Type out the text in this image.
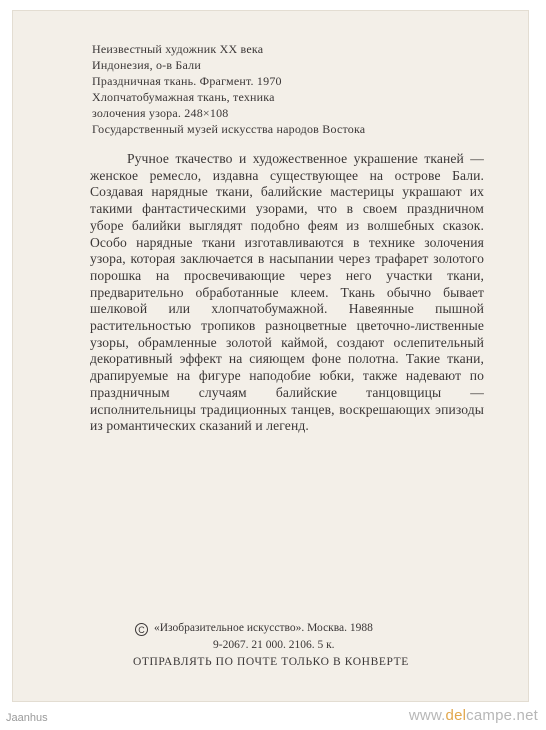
Неизвестный художник XX века
Индонезия, о-в Бали
Праздничная ткань. Фрагмент. 1970
Хлопчатобумажная ткань, техника
золочения узора. 248×108
Государственный музей искусства народов Востока
Ручное ткачество и художественное украшение тканей — женское ремесло, издавна существующее на острове Бали. Создавая нарядные ткани, балийские мастерицы украшают их такими фантастическими узорами, что в своем праздничном уборе балийки выглядят подобно феям из волшебных сказок. Особо нарядные ткани изготавливаются в технике золочения узора, которая заключается в насыпании через трафарет золотого порошка на просвечивающие через него участки ткани, предварительно обработанные клеем. Ткань обычно бывает шелковой или хлопчатобумажной. Навеянные пышной растительностью тропиков разноцветные цветочно-лиственные узоры, обрамленные золотой каймой, создают ослепительный декоративный эффект на сияющем фоне полотна. Такие ткани, драпируемые на фигуре наподобие юбки, также надевают по праздничным случаям балийские танцовщицы — исполнительницы традиционных танцев, воскрешающих эпизоды из романтических сказаний и легенд.
C «Изобразительное искусство». Москва. 1988
9-2067. 21 000. 2106. 5 к.
ОТПРАВЛЯТЬ ПО ПОЧТЕ ТОЛЬКО В КОНВЕРТЕ
Jaanhus	www.delcampe.net
